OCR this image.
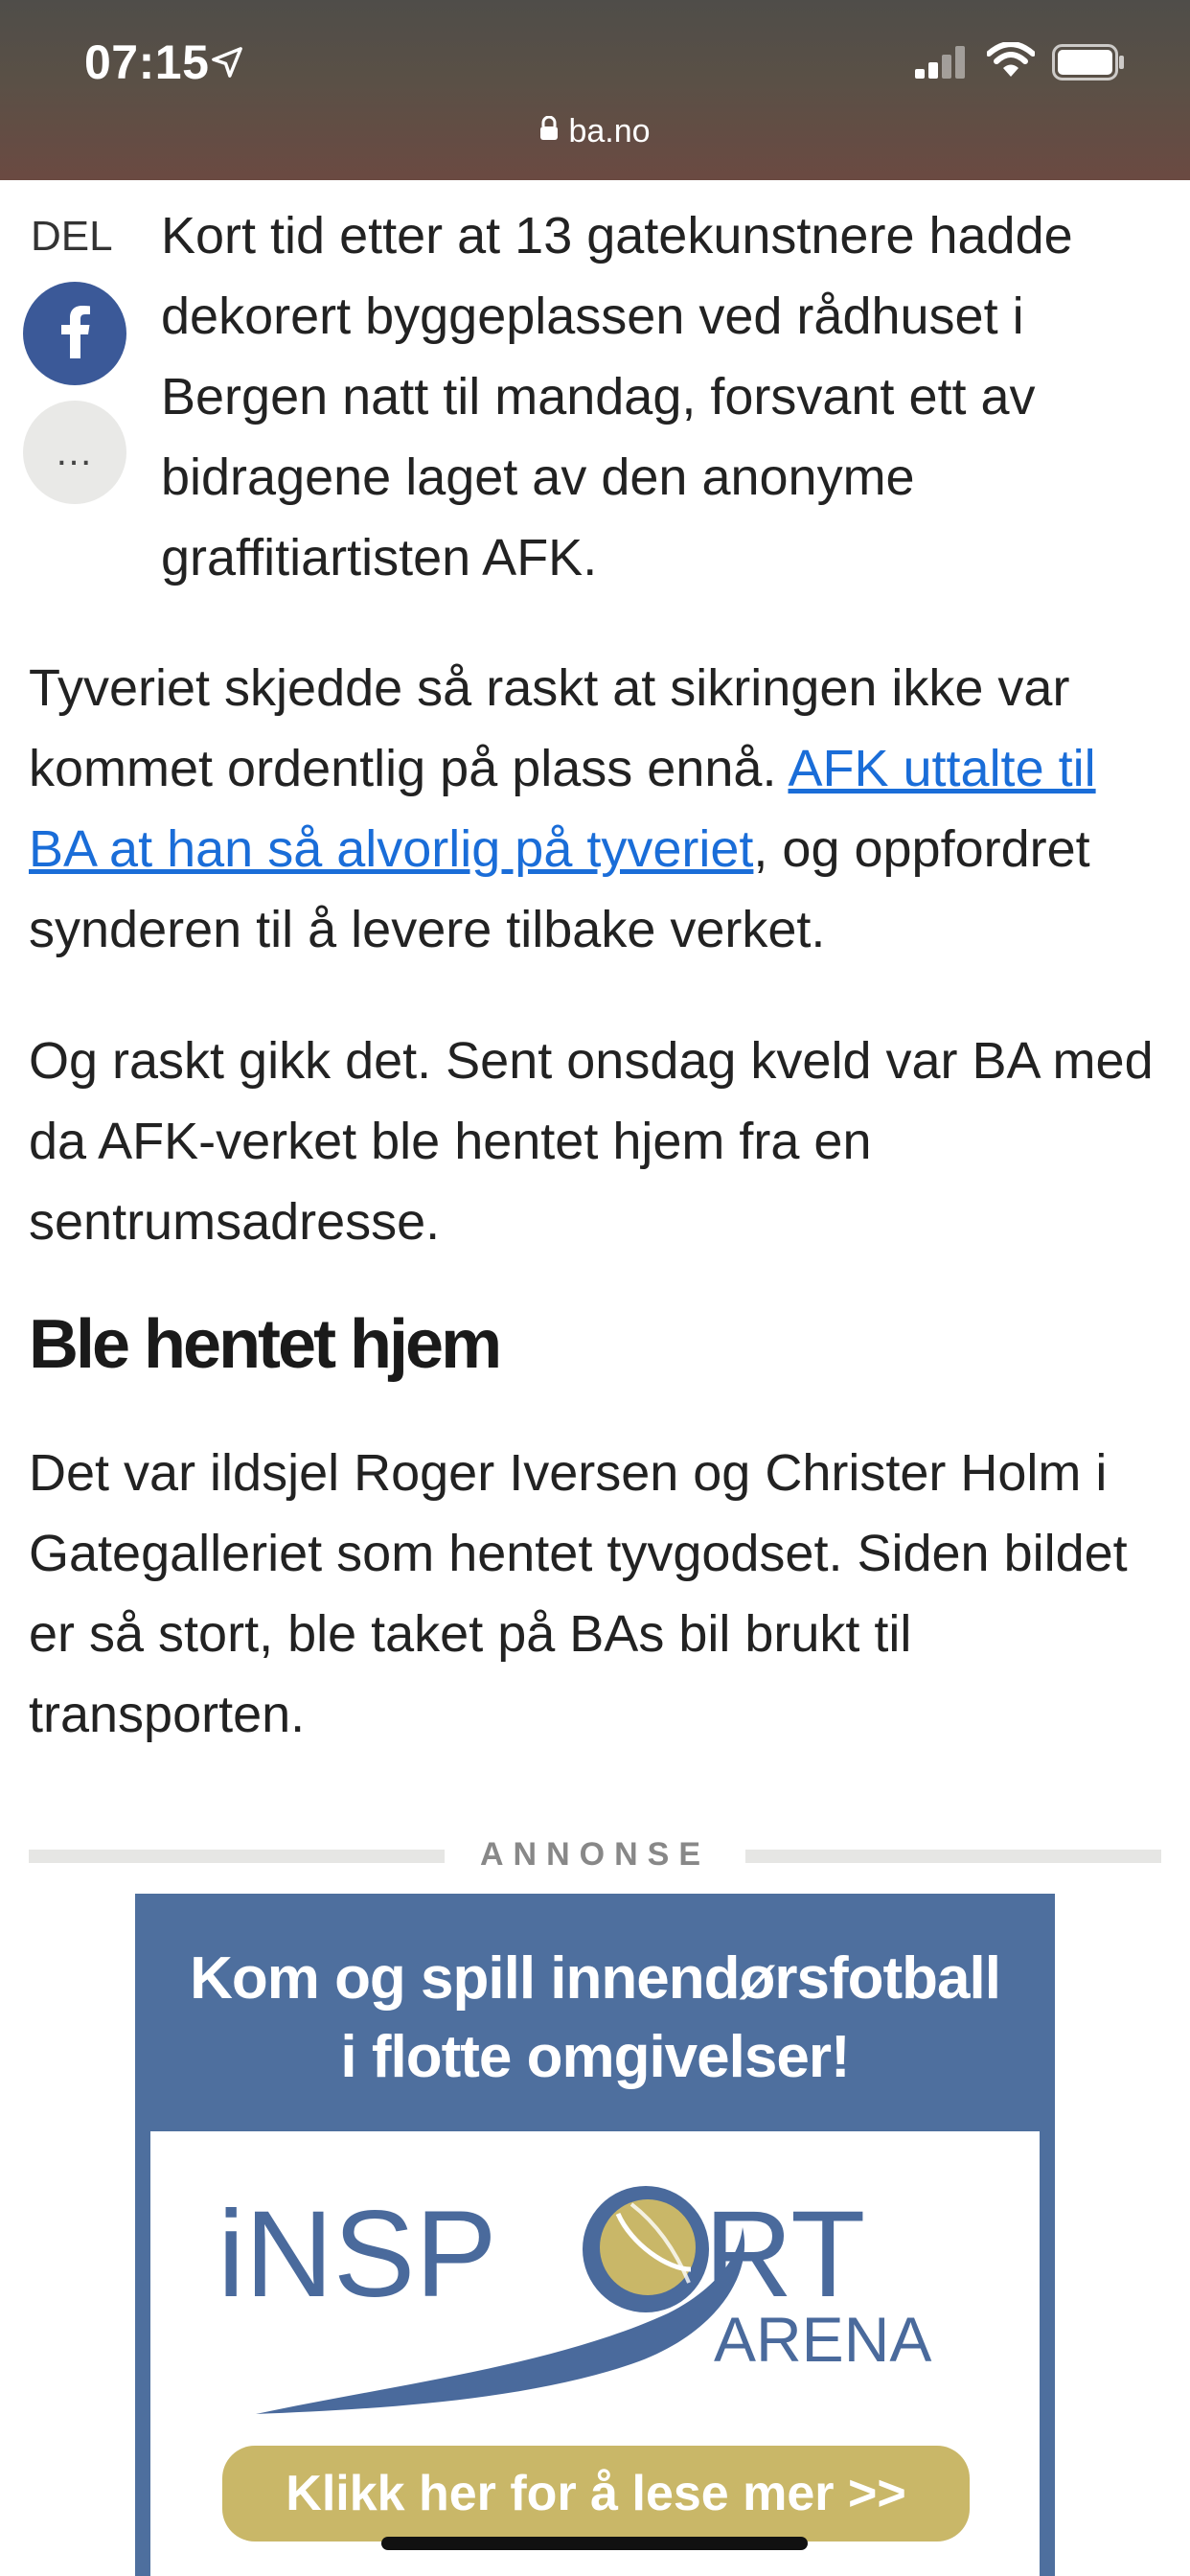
07:15
ba.no
DEL
…

Kort tid etter at 13 gatekunstnere hadde dekorert byggeplassen ved rådhuset i Bergen natt til mandag, forsvant ett av bidragene laget av den anonyme graffitiartisten AFK.

Tyveriet skjedde så raskt at sikringen ikke var kommet ordentlig på plass ennå. AFK uttalte til BA at han så alvorlig på tyveriet, og oppfordret synderen til å levere tilbake verket.

Og raskt gikk det. Sent onsdag kveld var BA med da AFK-verket ble hentet hjem fra en sentrumsadresse.

Ble hentet hjem

Det var ildsjel Roger Iversen og Christer Holm i Gategalleriet som hentet tyvgodset. Siden bildet er så stort, ble taket på BAs bil brukt til transporten.

ANNONSE
Kom og spill innendørsfotball
i flotte omgivelser!
iNSP RT
ARENA
Klikk her for å lese mer >>
